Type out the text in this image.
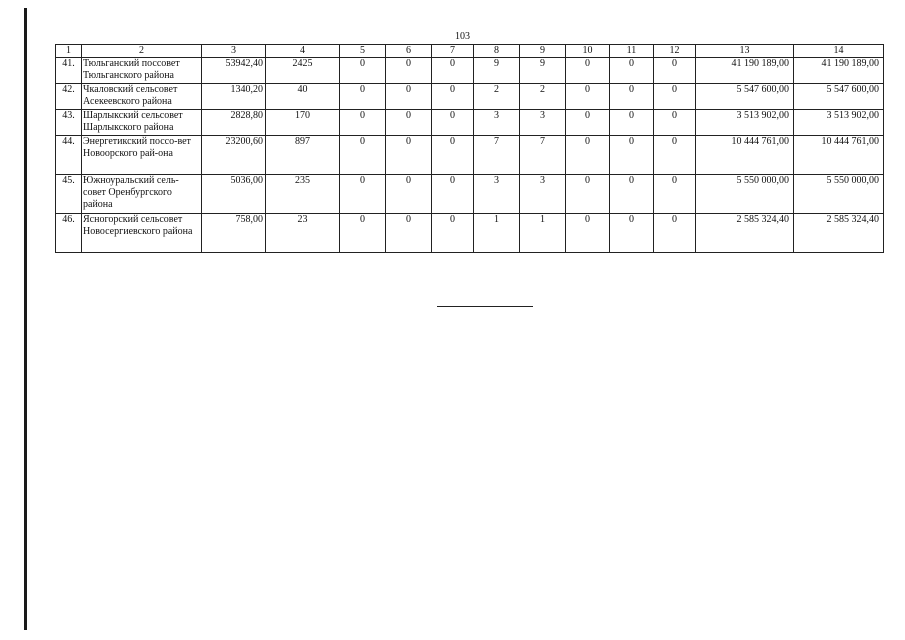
103
1	2	3	4	5	6	7	8	9	10	11	12	13	14
41.	Тюльганский поссовет Тюльганского района	53942,40	2425	0	0	0	9	9	0	0	0	41 190 189,00	41 190 189,00
42.	Чкаловский сельсовет Асекеевского района	1340,20	40	0	0	0	2	2	0	0	0	5 547 600,00	5 547 600,00
43.	Шарлыкский сельсовет Шарлыкского района	2828,80	170	0	0	0	3	3	0	0	0	3 513 902,00	3 513 902,00
44.	Энергетикский поссо-вет Новоорского рай-она	23200,60	897	0	0	0	7	7	0	0	0	10 444 761,00	10 444 761,00
45.	Южноуральский сель-совет Оренбургского района	5036,00	235	0	0	0	3	3	0	0	0	5 550 000,00	5 550 000,00
46.	Ясногорский сельсовет Новосергиевского района	758,00	23	0	0	0	1	1	0	0	0	2 585 324,40	2 585 324,40
